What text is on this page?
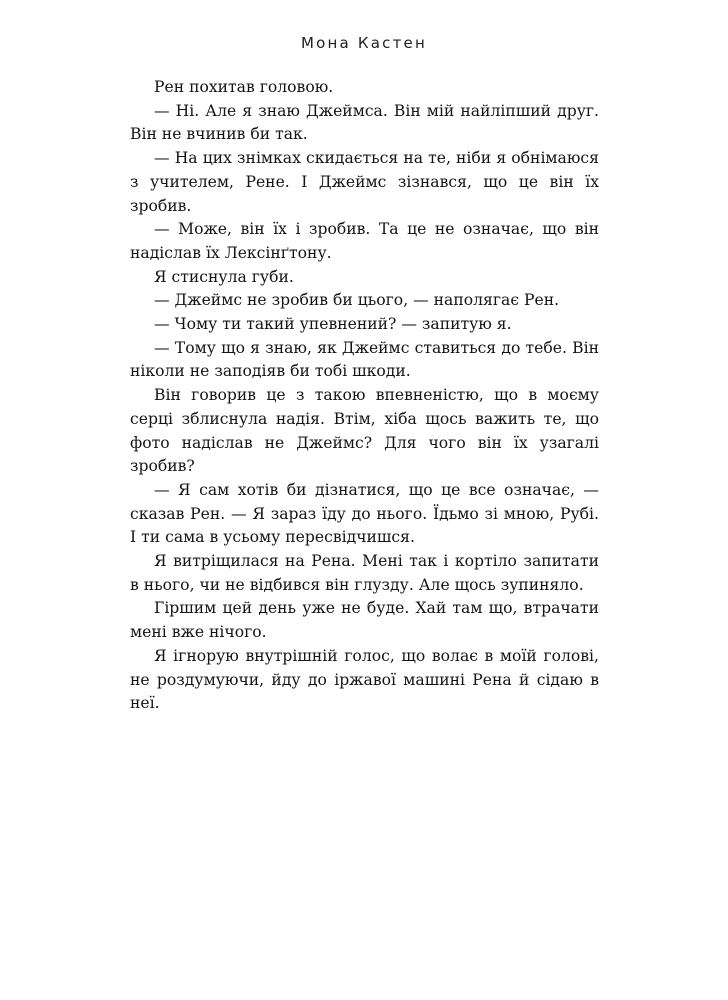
Мона Кастен

Рен похитав головою.

— Ні. Але я знаю Джеймса. Він мій найліпший друг. Він не вчинив би так.

— На цих знімках скидається на те, ніби я обнімаюся з учителем, Рене. І Джеймс зізнався, що це він їх зробив.

— Може, він їх і зробив. Та це не означає, що він надіслав їх Лексінґтону.

Я стиснула губи.

— Джеймс не зробив би цього, — наполягає Рен.

— Чому ти такий упевнений? — запитую я.

— Тому що я знаю, як Джеймс ставиться до тебе. Він ніколи не заподіяв би тобі шкоди.

Він говорив це з такою впевненістю, що в моєму серці зблиснула надія. Втім, хіба щось важить те, що фото надіслав не Джеймс? Для чого він їх узагалі зробив?

— Я сам хотів би дізнатися, що це все означає, — сказав Рен. — Я зараз їду до нього. Їдьмо зі мною, Рубі. І ти сама в усьому пересвідчишся.

Я витріщилася на Рена. Мені так і кортіло запитати в нього, чи не відбився він глузду. Але щось зупиняло.

Гіршим цей день уже не буде. Хай там що, втрачати мені вже нічого.

Я ігнорую внутрішній голос, що волає в моїй голові, не роздумуючи, йду до іржавої машині Рена й сідаю в неї.
